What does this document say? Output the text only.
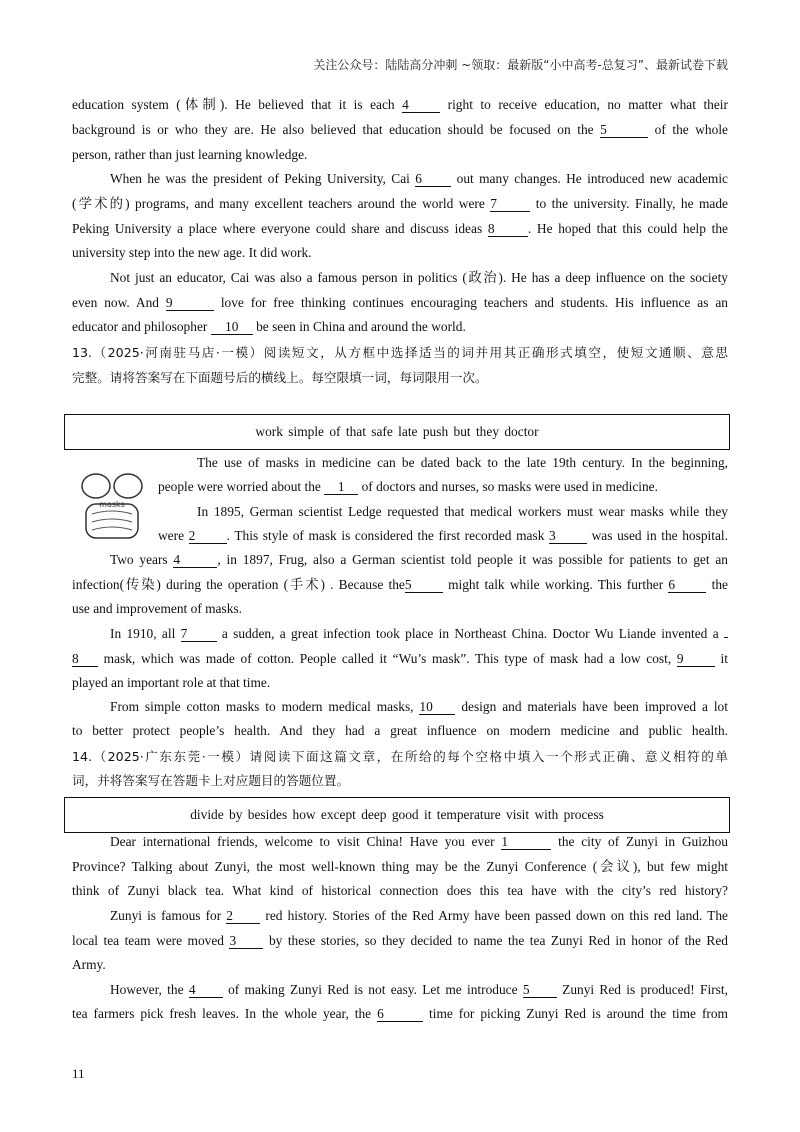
关注公众号：陆陆高分冲刺 ~领取：最新版“小中高考-总复习”、最新试卷下载
education system (体制). He believed that it is each 4	right to receive education, no matter what their
background is or who they are. He also believed that education should be focused on the 5	of the whole
person, rather than just learning knowledge.
When he was the president of Peking University, Cai 6	out many changes. He introduced new academic
(学术的) programs, and many excellent teachers around the world were 7	to the university. Finally, he made
Peking University a place where everyone could share and discuss ideas 8 . He hoped that this could help the
university step into the new age. It did work.
Not just an educator, Cai was also a famous person in politics (政治). He has a deep influence on the society
even now. And 9	love for free thinking continues encouraging teachers and students. His influence as an
educator and philosopher 10 be seen in China and around the world.
13.（2025·河南驻马店·一模）阅读短文，从方框中选择适当的词并用其正确形式填空，使短文通顺、意思
完整。请将答案写在下面题号后的横线上。每空限填一词，每词限用一次。
work simple of that safe late push but they doctor
masks
The use of masks in medicine can be dated back to the late 19th century. In the beginning,
people were worried about the 1 of doctors and nurses, so masks were used in medicine.
In 1895, German scientist Ledge requested that medical workers must wear masks while they
were 2 . This style of mask is considered the first recorded mask 3	was used in the hospital.
Two years 4	, in 1897, Frug, also a German scientist told people it was possible for patients to get an
infection(传染) during the operation (手术) . Because the5	might talk while working. This further 6	the
use and improvement of masks.
In 1910, all 7	a sudden, a great infection took place in Northeast China. Doctor Wu Liande invented a
8 mask, which was made of cotton. People called it “Wu’s mask”. This type of mask had a low cost, 9	it
played an important role at that time.
From simple cotton masks to modern medical masks, 10 design and materials have been improved a lot
to better protect people’s health. And they had a great influence on modern medicine and public health.
14.（2025·广东东莞·一模）请阅读下面这篇文章，在所给的每个空格中填入一个形式正确、意义相符的单
词，并将答案写在答题卡上对应题目的答题位置。
divide by besides how except deep good it temperature visit with process
Dear international friends, welcome to visit China! Have you ever 1	the city of Zunyi in Guizhou
Province? Talking about Zunyi, the most well-known thing may be the Zunyi Conference (会议), but few might
think of Zunyi black tea. What kind of historical connection does this tea have with the city’s red history?
Zunyi is famous for 2 red history. Stories of the Red Army have been passed down on this red land. The
local tea team were moved 3 by these stories, so they decided to name the tea Zunyi Red in honor of the Red
Army.
However, the 4 of making Zunyi Red is not easy. Let me introduce 5 Zunyi Red is produced! First,
tea farmers pick fresh leaves. In the whole year, the 6	time for picking Zunyi Red is around the time from
11
